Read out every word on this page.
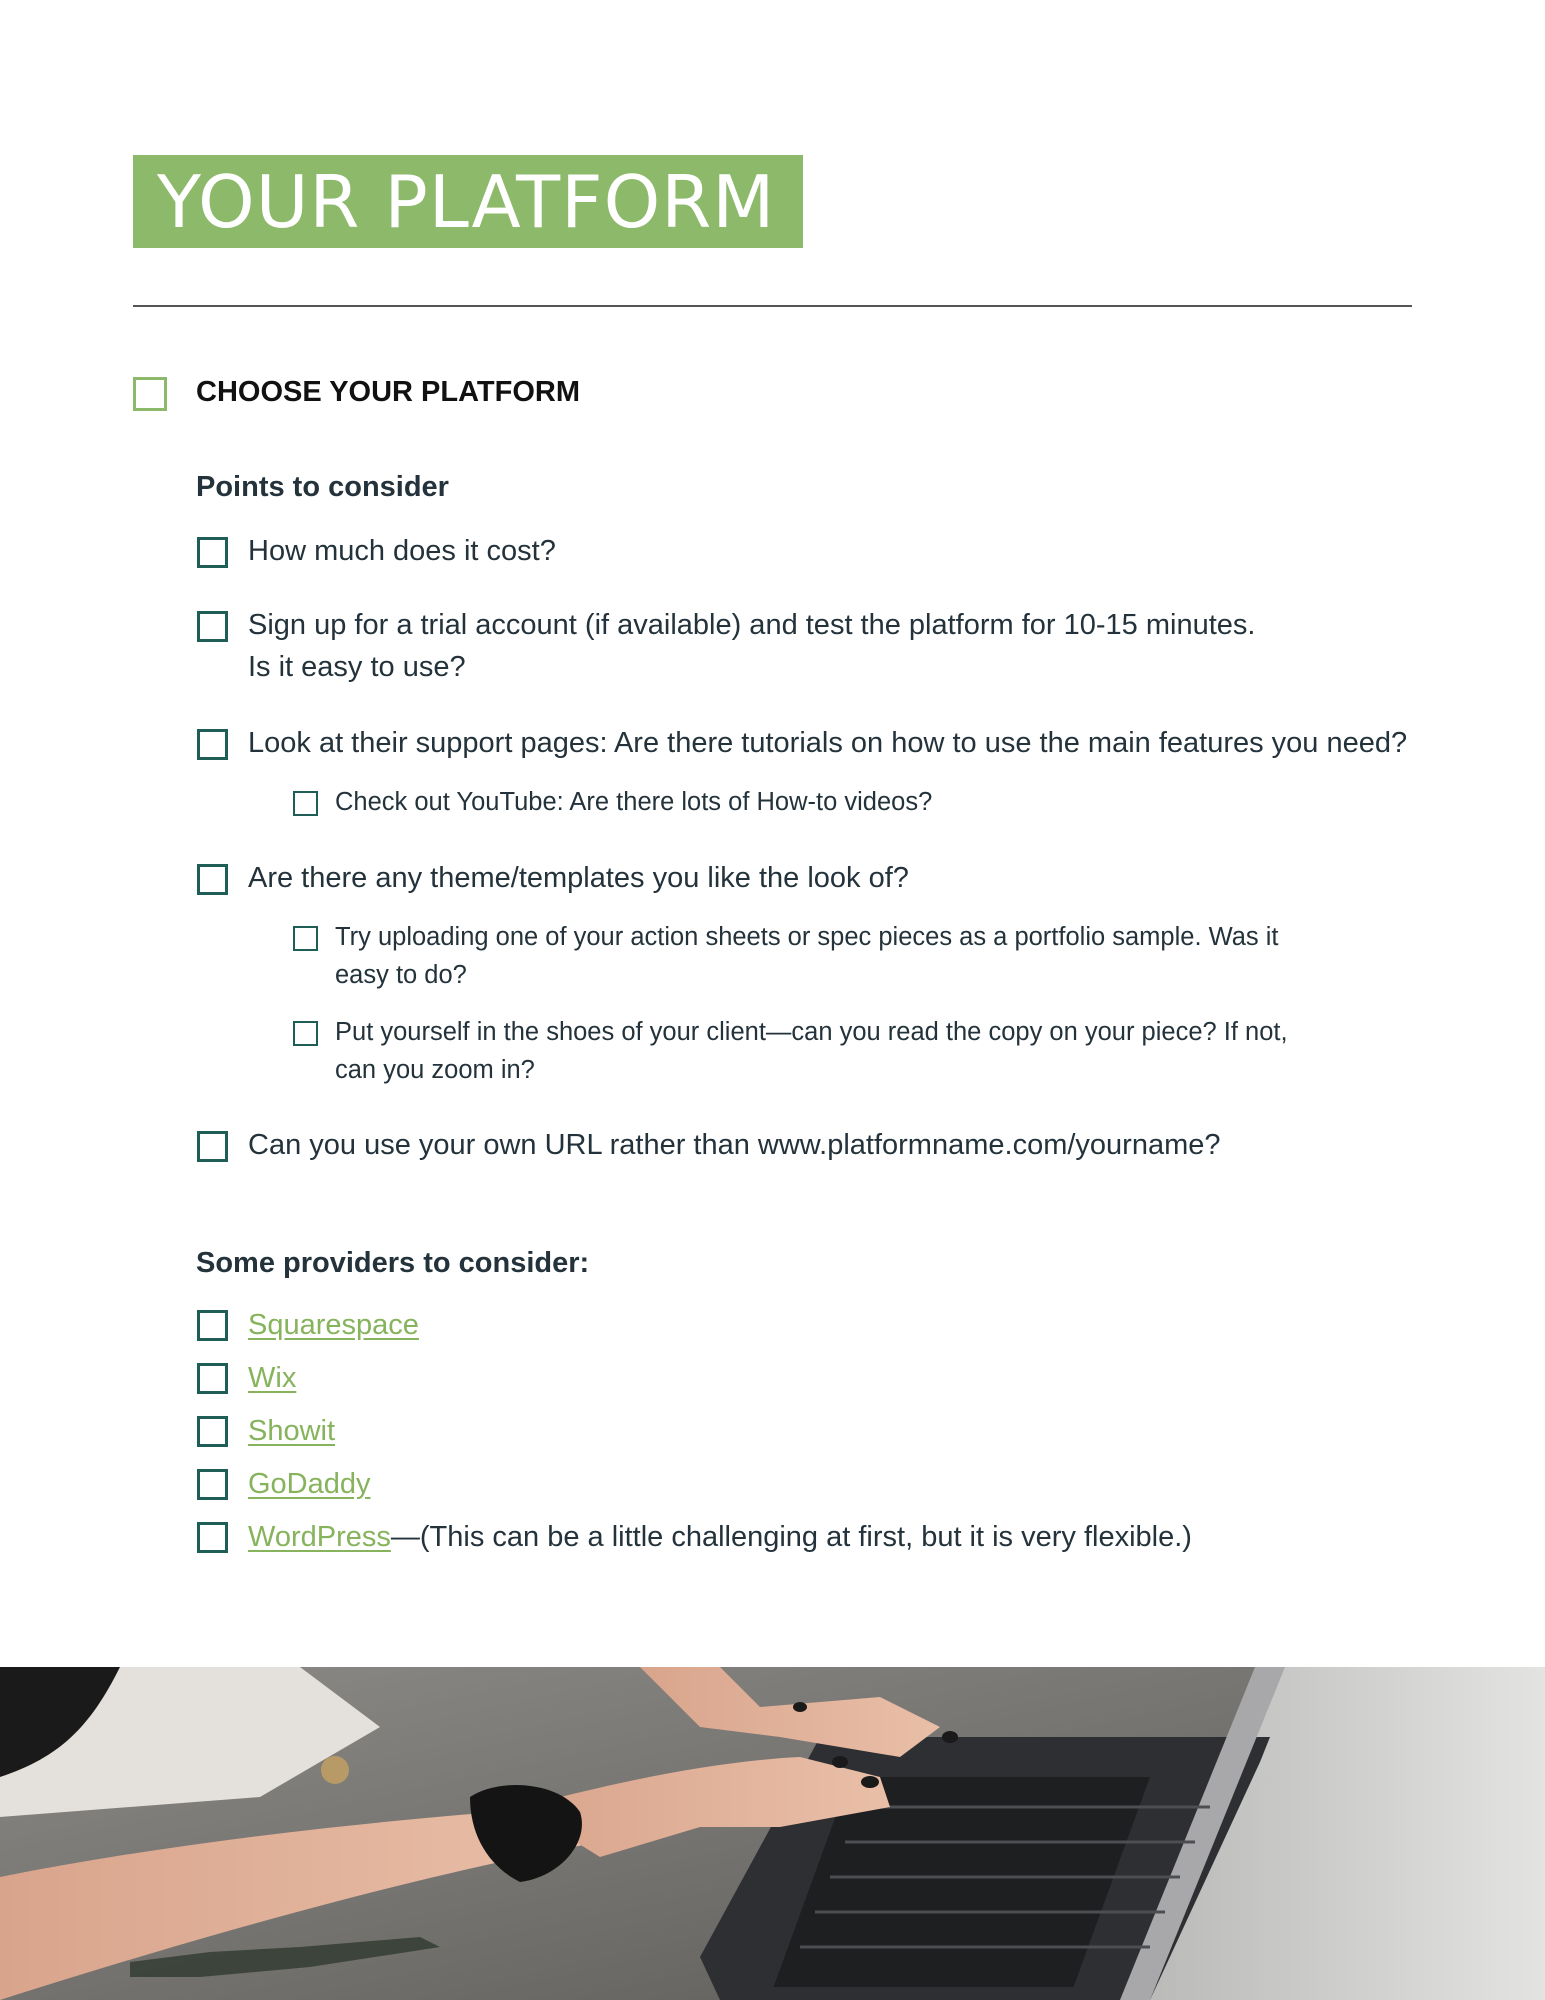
YOUR PLATFORM
CHOOSE YOUR PLATFORM
Points to consider
How much does it cost?
Sign up for a trial account (if available) and test the platform for 10-15 minutes.
Is it easy to use?
Look at their support pages: Are there tutorials on how to use the main features you need?
Check out YouTube: Are there lots of How-to videos?
Are there any theme/templates you like the look of?
Try uploading one of your action sheets or spec pieces as a portfolio sample. Was it
easy to do?
Put yourself in the shoes of your client—can you read the copy on your piece? If not,
can you zoom in?
Can you use your own URL rather than www.platformname.com/yourname?
Some providers to consider:
Squarespace
Wix
Showit
GoDaddy
WordPress—(This can be a little challenging at first, but it is very flexible.)
